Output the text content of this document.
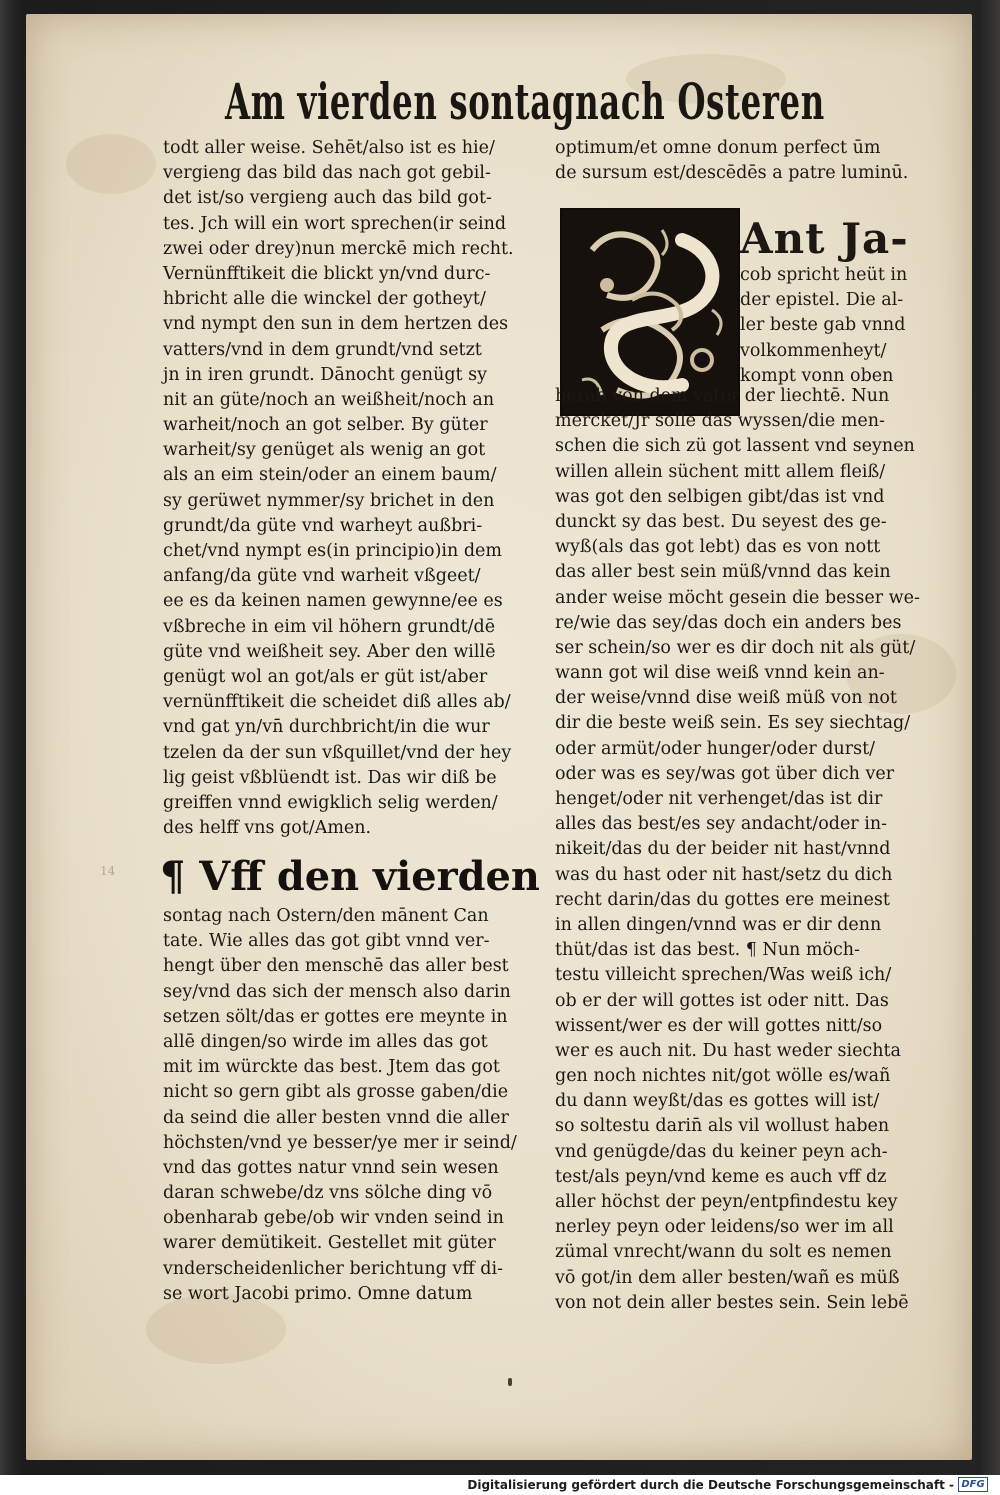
Am vierden sontagnach Osteren
todt aller weise. Sehēt/also ist es hie/
vergieng das bild das nach got gebil-
det ist/so vergieng auch das bild got-
tes. Jch will ein wort sprechen(ir seind
zwei oder drey)nun merckē mich recht.
Vernünfftikeit die blickt yn/vnd durc-
hbricht alle die winckel der gotheyt/
vnd nympt den sun in dem hertzen des
vatters/vnd in dem grundt/vnd setzt
jn in iren grundt. Dānocht genügt sy
nit an güte/noch an weißheit/noch an
warheit/noch an got selber. By güter
warheit/sy genüget als wenig an got
als an eim stein/oder an einem baum/
sy gerüwet nymmer/sy brichet in den
grundt/da güte vnd warheyt außbri-
chet/vnd nympt es(in principio)in dem
anfang/da güte vnd warheit vßgeet/
ee es da keinen namen gewynne/ee es
vßbreche in eim vil höhern grundt/dē
güte vnd weißheit sey. Aber den willē
genügt wol an got/als er güt ist/aber
vernünfftikeit die scheidet diß alles ab/
vnd gat yn/vn̄ durchbricht/in die wur
tzelen da der sun vßquillet/vnd der hey
lig geist vßblüendt ist. Das wir diß be
greiffen vnnd ewigklich selig werden/
des helff vns got/Amen.
¶ Vff den vierden
sontag nach Ostern/den mānent Can
tate. Wie alles das got gibt vnnd ver-
hengt über den menschē das aller best
sey/vnd das sich der mensch also darin
setzen sölt/das er gottes ere meynte in
allē dingen/so wirde im alles das got
mit im würckte das best. Jtem das got
nicht so gern gibt als grosse gaben/die
da seind die aller besten vnnd die aller
höchsten/vnd ye besser/ye mer ir seind/
vnd das gottes natur vnnd sein wesen
daran schwebe/dz vns sölche ding vō
obenharab gebe/ob wir vnden seind in
warer demütikeit. Gestellet mit güter
vnderscheidenlicher berichtung vff di-
se wort Jacobi primo. Omne datum
optimum/et omne donum perfect ūm
de sursum est/descēdēs a patre luminū.
Ant Ja-
cob spricht heüt in
der epistel. Die al-
ler beste gab vnnd
volkommenheyt/
kompt vonn oben
herab von dem vater der liechtē. Nun
merckēt/Jr söllē das wyssen/die men-
schen die sich zü got lassent vnd seynen
willen allein süchent mitt allem fleiß/
was got den selbigen gibt/das ist vnd
dunckt sy das best. Du seyest des ge-
wyß(als das got lebt) das es von nott
das aller best sein müß/vnnd das kein
ander weise möcht gesein die besser we-
re/wie das sey/das doch ein anders bes
ser schein/so wer es dir doch nit als güt/
wann got wil dise weiß vnnd kein an-
der weise/vnnd dise weiß müß von not
dir die beste weiß sein. Es sey siechtag/
oder armüt/oder hunger/oder durst/
oder was es sey/was got über dich ver
henget/oder nit verhenget/das ist dir
alles das best/es sey andacht/oder in-
nikeit/das du der beider nit hast/vnnd
was du hast oder nit hast/setz du dich
recht darin/das du gottes ere meinest
in allen dingen/vnnd was er dir denn
thüt/das ist das best. ¶ Nun möch-
testu villeicht sprechen/Was weiß ich/
ob er der will gottes ist oder nitt. Das
wissent/wer es der will gottes nitt/so
wer es auch nit. Du hast weder siechta
gen noch nichtes nit/got wölle es/wañ
du dann weyßt/das es gottes will ist/
so soltestu darin̄ als vil wollust haben
vnd genügde/das du keiner peyn ach-
test/als peyn/vnd keme es auch vff dz
aller höchst der peyn/entpfindestu key
nerley peyn oder leidens/so wer im all
zümal vnrecht/wann du solt es nemen
vō got/in dem aller besten/wañ es müß
von not dein aller bestes sein. Sein lebē
14
Digitalisierung gefördert durch die Deutsche Forschungsgemeinschaft - DFG
